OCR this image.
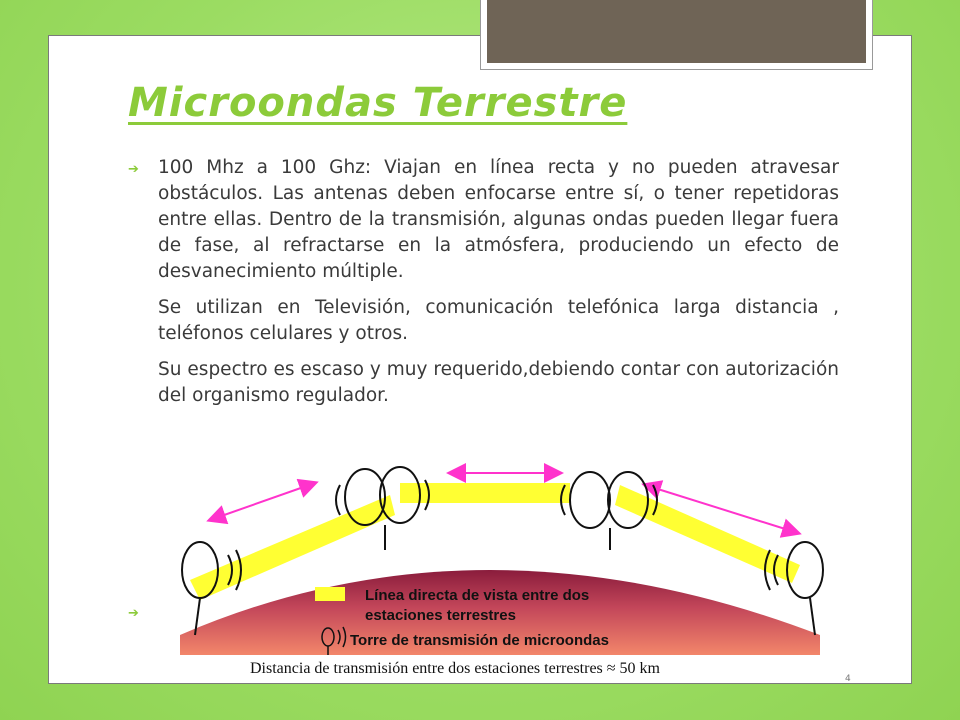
Microondas Terrestre
➔ 100 Mhz a 100 Ghz: Viajan en línea recta y no pueden atravesar obstáculos. Las antenas deben enfocarse entre sí, o tener repetidoras entre ellas. Dentro de la transmisión, algunas ondas pueden llegar fuera de fase, al refractarse en la atmósfera, produciendo un efecto de desvanecimiento múltiple.

Se utilizan en Televisión, comunicación telefónica larga distancia , teléfonos celulares y otros.

Su espectro es escaso y muy requerido,debiendo contar con autorización del organismo regulador.

➔
Tierra
Línea directa de vista entre dos
estaciones terrestres
Torre de transmisión de microondas
Distancia de transmisión entre dos estaciones terrestres ≈ 50 km
4
